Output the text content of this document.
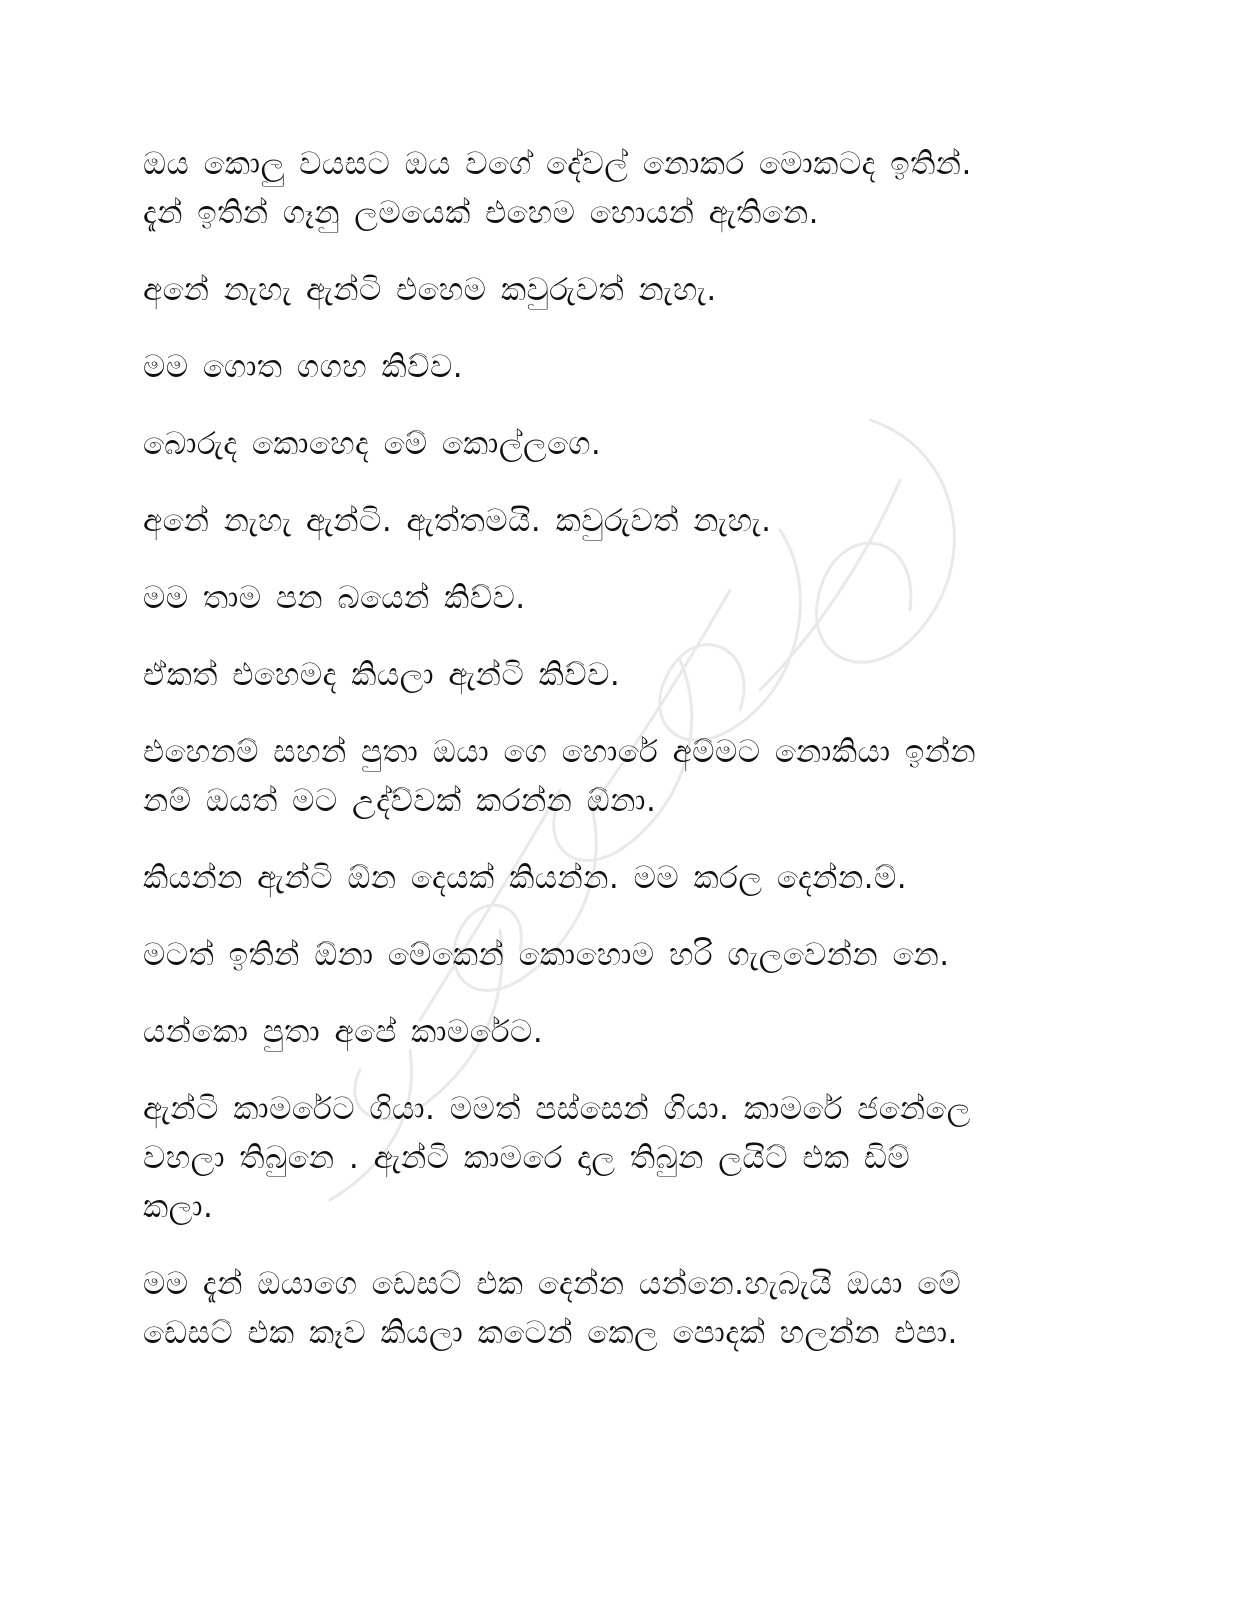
ඔය කොලු වයසට ඔය වගේ දේවල් නොකර මොකටද ඉතින්.
දැන් ඉතින් ගෑනු ලමයෙක් එහෙම හොයන් ඇතිනෙ.

අනේ නැහැ ඇන්ටි එහෙම කවුරුවත් නැහැ.

මම ගොත ගගහ කිව්ව.

බොරුද කොහෙද මේ කොල්ලගෙ.

අනේ නැහැ ඇන්ටි. ඇත්තමයි. කවුරුවත් නැහැ.

මම තාම පන බයෙන් කිව්ව.

ඒකත් එහෙමද කියලා ඇන්ටි කිව්ව.

එහෙනම් සහන් පුතා ඔයා ගෙ හොරේ අම්මට නොකියා ඉන්න
නම් ඔයත් මට උද්ව්වක් කරන්න ඕනා.

කියන්න ඇන්ටි ඕන දෙයක් කියන්න. මම කරල දෙන්න.ම්.

මටත් ඉතින් ඕනා මේකෙන් කොහොම හරි ගැලවෙන්න නෙ.

යන්කො පුතා අපේ කාමරේට.

ඇන්ටි කාමරේට ගියා. මමත් පස්සෙන් ගියා. කාමරේ ජනේලෙ
වහලා තිබුනෙ . ඇන්ටි කාමරෙ දාල තිබුන ලයිට් එක ඩිම්
කලා.

මම දැන් ඔයාගෙ ඩෙසට් එක දෙන්න යන්නෙ.හැබැයි ඔයා මේ
ඩෙසට් එක කෑව කියලා කටෙන් කෙල පොදක් හලන්න එපා.
